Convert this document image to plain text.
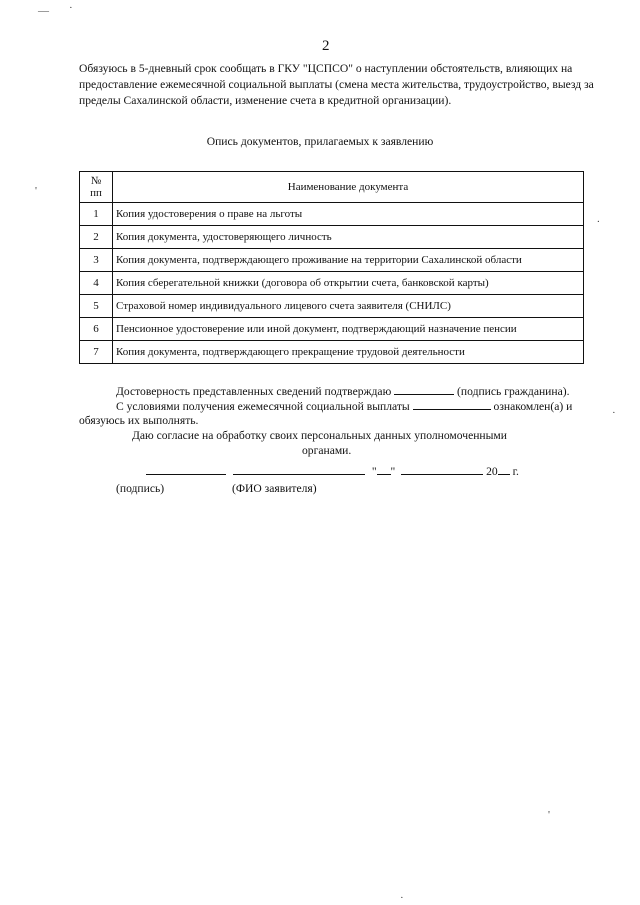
— ·
'
·
.
'
·
2
Обязуюсь в 5-дневный срок сообщать в ГКУ "ЦСПСО" о наступлении обстоятельств, влияющих на предоставление ежемесячной социальной выплаты (смена места жительства, трудоустройство, выезд за пределы Сахалинской области, изменение счета в кредитной организации).
Опись документов, прилагаемых к заявлению
№ пп	Наименование документа
1	Копия удостоверения о праве на льготы
2	Копия документа, удостоверяющего личность
3	Копия документа, подтверждающего проживание на территории Сахалинской области
4	Копия сберегательной книжки (договора об открытии счета, банковской карты)
5	Страховой номер индивидуального лицевого счета заявителя (СНИЛС)
6	Пенсионное удостоверение или иной документ, подтверждающий назначение пенсии
7	Копия документа, подтверждающего прекращение трудовой деятельности
Достоверность представленных сведений подтверждаю	(подпись гражданина).
С условиями получения ежемесячной социальной выплаты	ознакомлен(а) и
обязуюсь их выполнять.
Даю согласие на обработку своих персональных данных уполномоченными
органами.
" "	20 г.
(подпись)	(ФИО заявителя)
